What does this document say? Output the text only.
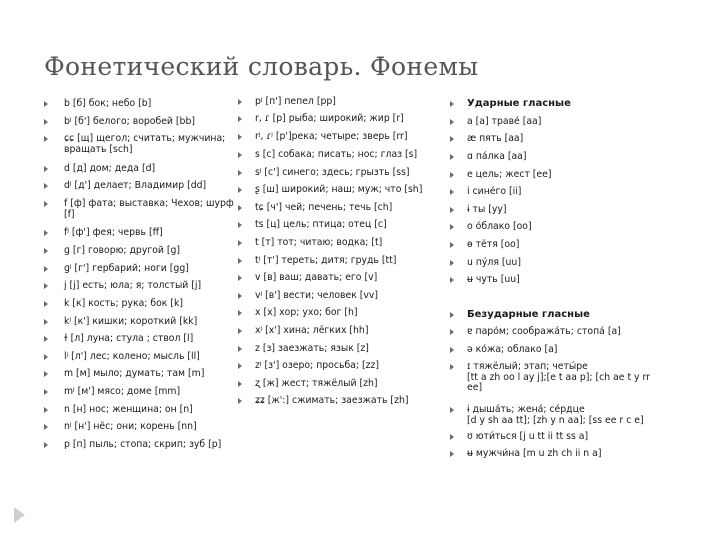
Фонетический словарь. Фонемы
b [б] бок; небо [b]
bʲ [б'] белого; воробей [bb]
ɕɕ [щ] щегол; считать; мужчина;
вращать [sch]
d [д] дом; деда [d]
dʲ [д'] делает; Владимир [dd]
f [ф] фата; выставка; Чехов; шурф
[f]
fʲ [ф'] фея; червь [ff]
ɡ [г] говорю; другой [g]
ɡʲ [г'] гербарий; ноги [gg]
j [j] есть; юла; я; толстый [j]
k [к] кость; рука; бок [k]
kʲ [к'] кишки; короткий [kk]
ɫ [л] луна; стула ; ствол [l]
lʲ [л'] лес; колено; мысль [ll]
m [м] мыло; думать; там [m]
mʲ [м'] мясо; доме [mm]
n [н] нос; женщина; он [n]
nʲ [н'] нёс; они; корень [nn]
p [п] пыль; стопа; скрип; зуб [p]
pʲ [п'] пепел [pp]
r, ɾ [р] рыба; широкий; жир [r]
rʲ, ɾʲ [р']река; четыре; зверь [rr]
s [с] собака; писать; нос; глаз [s]
sʲ [с'] синего; здесь; грызть [ss]
ʂ [ш] широкий; наш; муж; что [sh]
tɕ [ч'] чей; печень; течь [ch]
ts [ц] цель; птица; отец [c]
t [т] тот; читаю; водка; [t]
tʲ [т'] тереть; дитя; грудь [tt]
v [в] ваш; давать; его [v]
vʲ [в'] вести; человек [vv]
x [х] хор; ухо; бог [h]
xʲ [х'] хина; лёгких [hh]
z [з] заезжать; язык [z]
zʲ [з'] озеро; просьба; [zz]
ʐ [ж] жест; тяжёлый [zh]
ʑʑ [ж':] сжимать; заезжать [zh]
Ударные гласные
a [a] траве́ [aa]
æ пять [aa]
ɑ па́лка [aa]
e цель; жест [ee]
i сине́го [ii]
ɨ ты [yy]
o о́блако [oo]
ɵ тётя [oo]
u пу́ля [uu]
ʉ чуть [uu]
Безударные гласные
ɐ паро́м; сообража́ть; стопа́ [a]
ə ко́жа; облако [a]
ɪ тяжёлый; этап; четы́ре
[tt a zh oo l ay j];[e t aa p]; [ch ae t y rr
ee]
ɨ дыша́ть; жена́; се́рдце
[d y sh aa tt]; [zh y n aa]; [ss ee r c e]
ʊ юти́ться [j u tt ii tt ss a]
ʉ мужчи́на [m u zh ch ii n a]
